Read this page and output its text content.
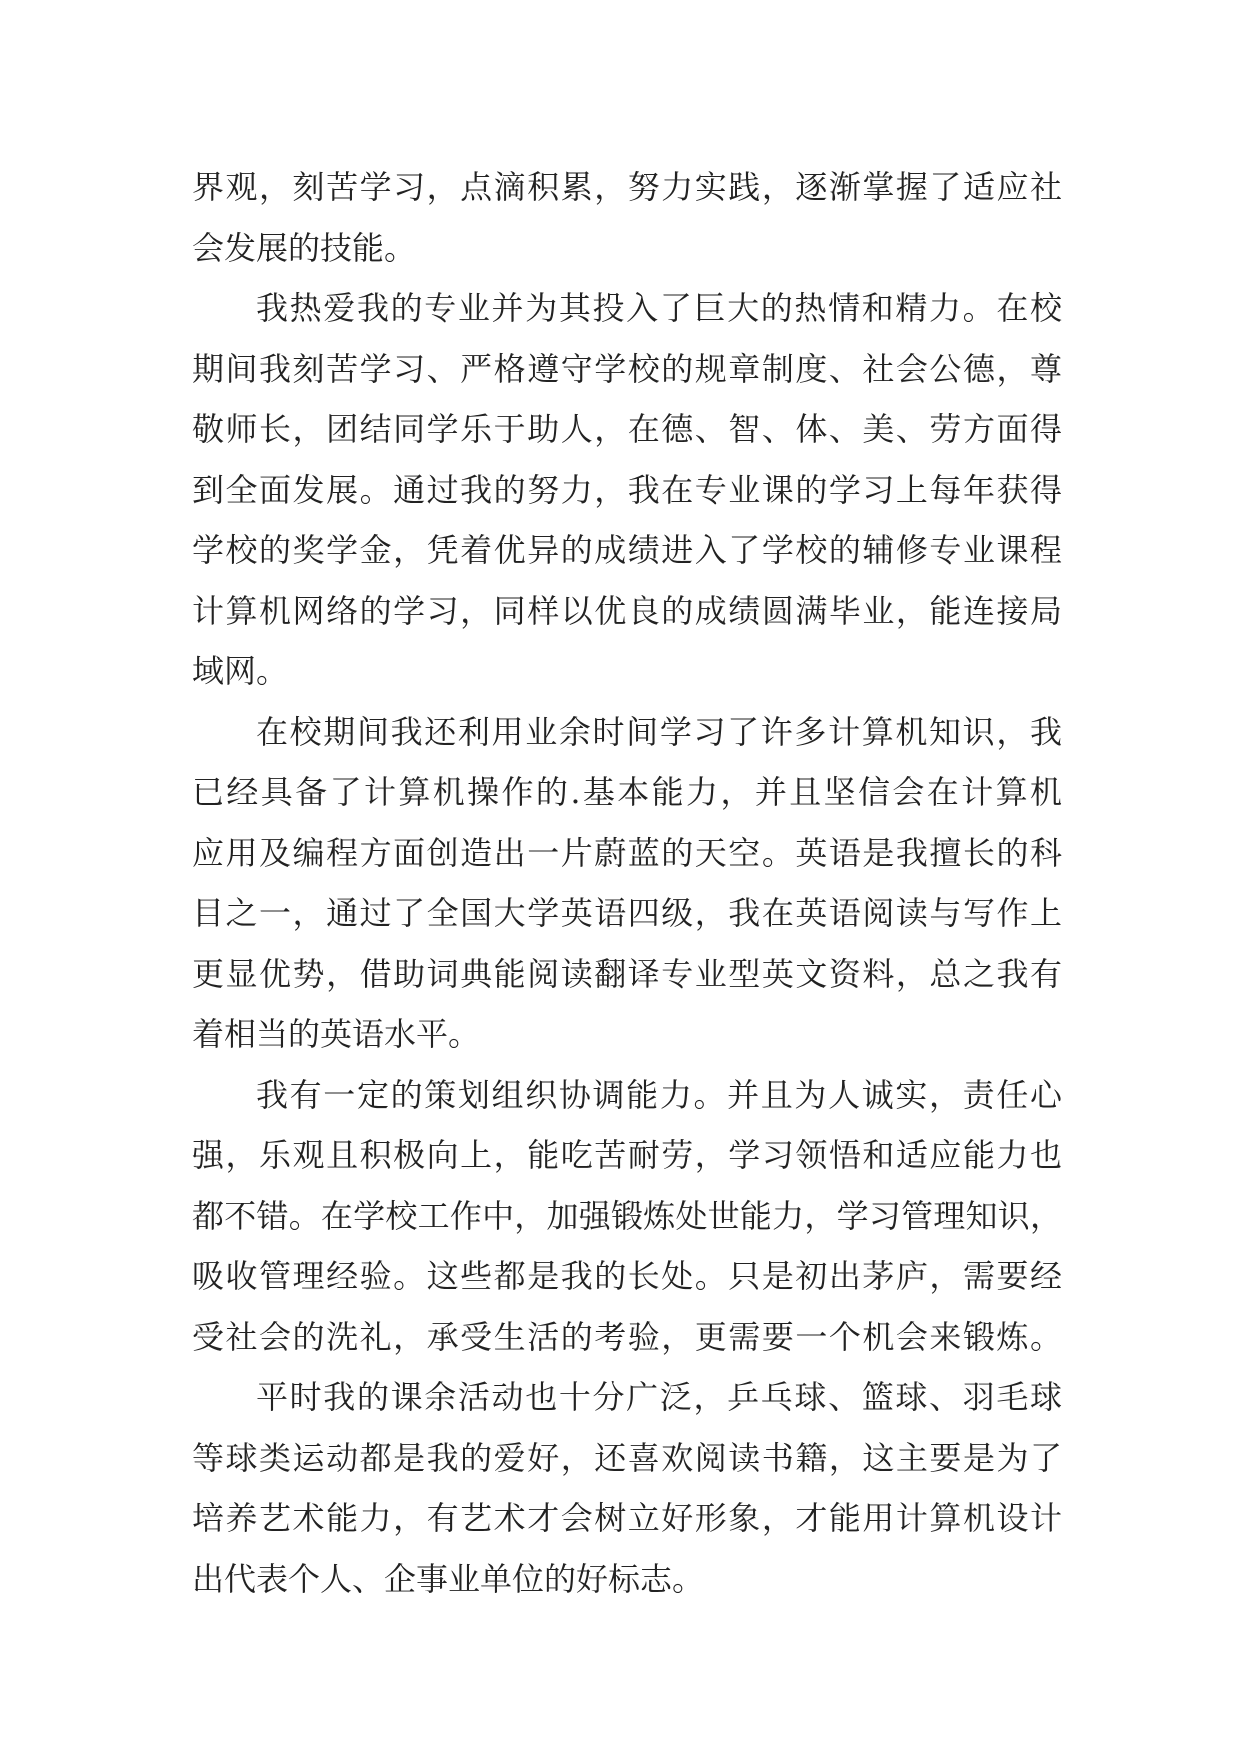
界观，刻苦学习，点滴积累，努力实践，逐渐掌握了适应社
会发展的技能。
我热爱我的专业并为其投入了巨大的热情和精力。在校
期间我刻苦学习、严格遵守学校的规章制度、社会公德，尊
敬师长，团结同学乐于助人，在德、智、体、美、劳方面得
到全面发展。通过我的努力，我在专业课的学习上每年获得
学校的奖学金，凭着优异的成绩进入了学校的辅修专业课程
计算机网络的学习，同样以优良的成绩圆满毕业，能连接局
域网。
在校期间我还利用业余时间学习了许多计算机知识，我
已经具备了计算机操作的.基本能力，并且坚信会在计算机
应用及编程方面创造出一片蔚蓝的天空。英语是我擅长的科
目之一，通过了全国大学英语四级，我在英语阅读与写作上
更显优势，借助词典能阅读翻译专业型英文资料，总之我有
着相当的英语水平。
我有一定的策划组织协调能力。并且为人诚实，责任心
强，乐观且积极向上，能吃苦耐劳，学习领悟和适应能力也
都不错。在学校工作中，加强锻炼处世能力，学习管理知识，
吸收管理经验。这些都是我的长处。只是初出茅庐，需要经
受社会的洗礼，承受生活的考验，更需要一个机会来锻炼。
平时我的课余活动也十分广泛，乒乓球、篮球、羽毛球
等球类运动都是我的爱好，还喜欢阅读书籍，这主要是为了
培养艺术能力，有艺术才会树立好形象，才能用计算机设计
出代表个人、企事业单位的好标志。
